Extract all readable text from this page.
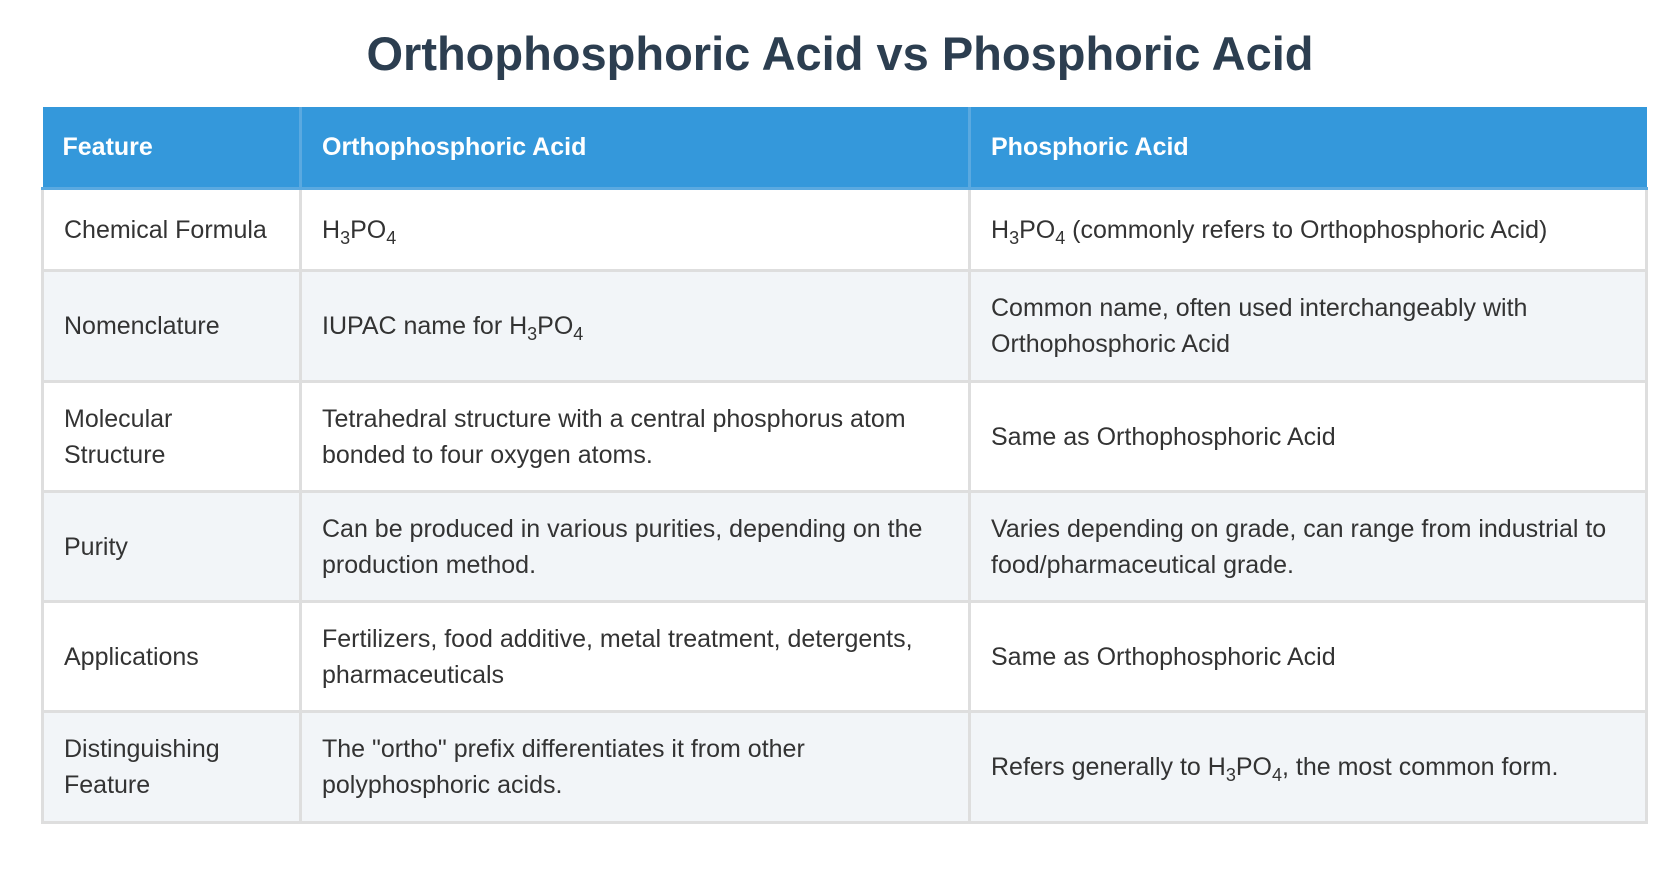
Orthophosphoric Acid vs Phosphoric Acid
Feature	Orthophosphoric Acid	Phosphoric Acid
Chemical Formula	$H_3PO_4$	$H_3PO_4$ (commonly refers to Orthophosphoric Acid)
Nomenclature	IUPAC name for $H_3PO_4$	Common name, often used interchangeably with Orthophosphoric Acid
Molecular Structure	Tetrahedral structure with a central phosphorus atom bonded to four oxygen atoms.	Same as Orthophosphoric Acid
Purity	Can be produced in various purities, depending on the production method.	Varies depending on grade, can range from industrial to food/pharmaceutical grade.
Applications	Fertilizers, food additive, metal treatment, detergents, pharmaceuticals	Same as Orthophosphoric Acid
Distinguishing Feature	The "ortho" prefix differentiates it from other polyphosphoric acids.	Refers generally to $H_3PO_4$, the most common form.
